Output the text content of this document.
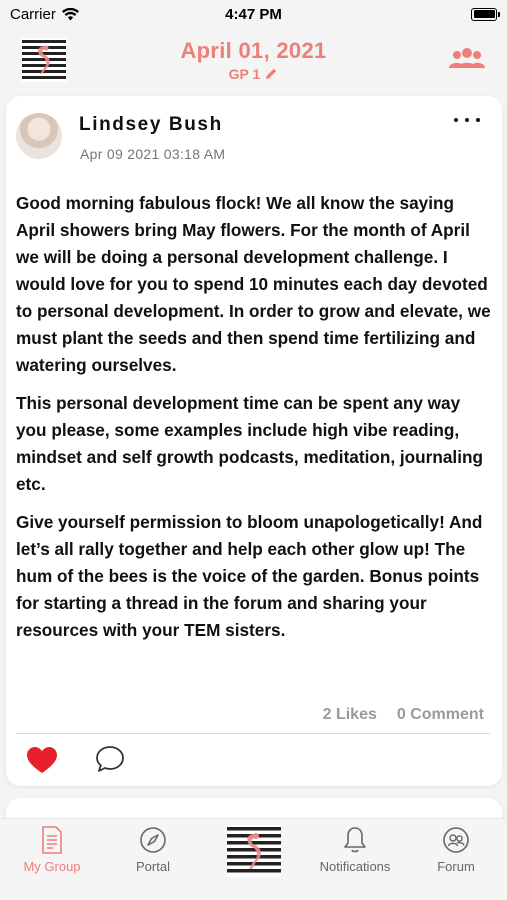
Carrier	4:47 PM
April 01, 2021
GP 1
Lindsey Bush
Apr 09 2021 03:18 AM

Good morning fabulous flock! We all know the saying April showers bring May flowers. For the month of April we will be doing a personal development challenge. I would love for you to spend 10 minutes each day devoted to personal development. In order to grow and elevate, we must plant the seeds and then spend time fertilizing and watering ourselves.

This personal development time can be spent any way you please, some examples include high vibe reading, mindset and self growth podcasts, meditation, journaling etc.

Give yourself permission to bloom unapologetically! And let’s all rally together and help each other glow up! The hum of the bees is the voice of the garden. Bonus points for starting a thread in the forum and sharing your resources with your TEM sisters.

2 Likes 0 Comment
My Group	Portal	Notifications	Forum
